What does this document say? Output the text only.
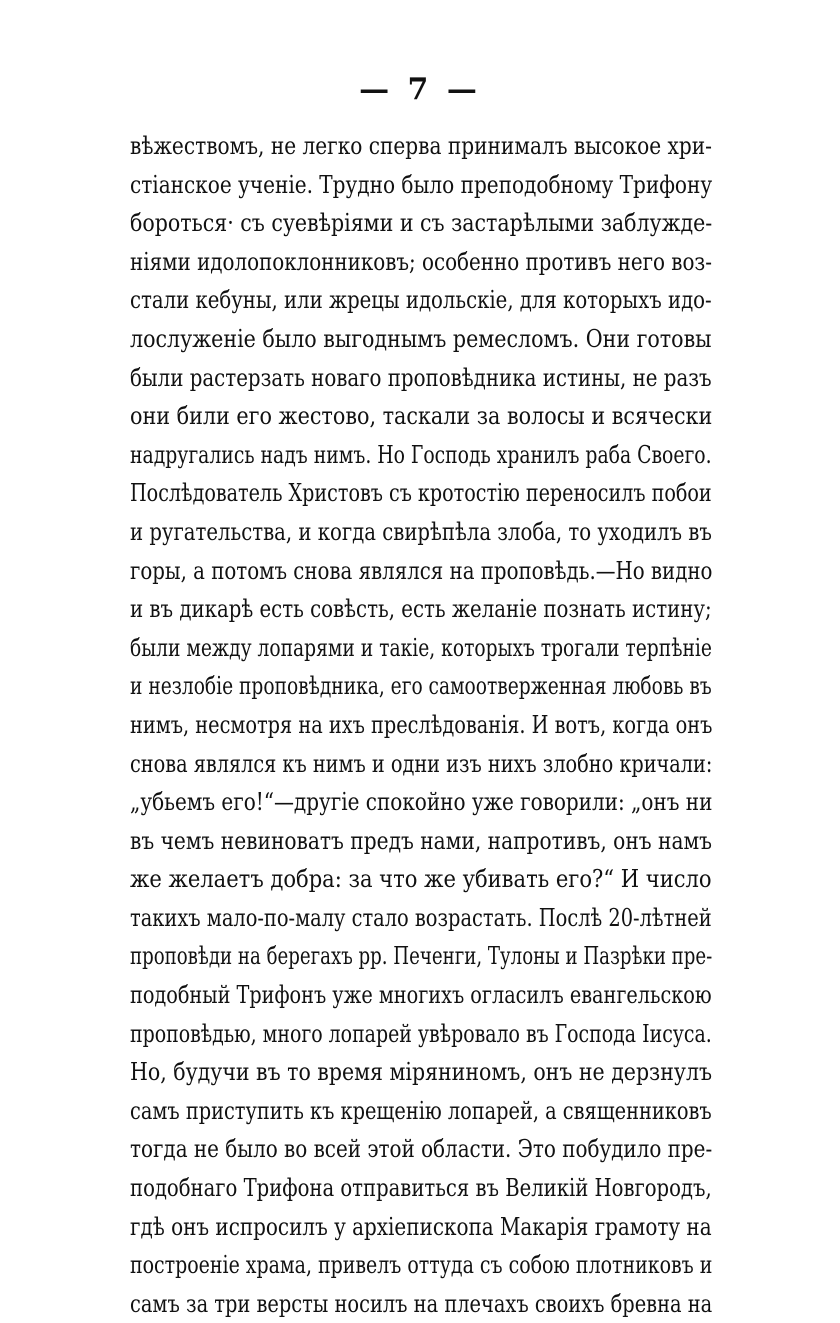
— 7 —
вѣжествомъ, не легко сперва принималъ высокое хри-
стіанское ученіе. Трудно было преподобному Трифону
бороться· съ суевѣріями и съ застарѣлыми заблужде-
ніями идолопоклонниковъ; особенно противъ него воз-
стали кебуны, или жрецы идольскіе, для которыхъ идо-
лослуженіе было выгоднымъ ремесломъ. Они готовы
были растерзать новаго проповѣдника истины, не разъ
они били его жестово, таскали за волосы и всячески
надругались надъ нимъ. Но Господь хранилъ раба Своего.
Послѣдователь Христовъ съ кротостію переносилъ побои
и ругательства, и когда свирѣпѣла злоба, то уходилъ въ
горы, а потомъ снова являлся на проповѣдь.—Но видно
и въ дикарѣ есть совѣсть, есть желаніе познать истину;
были между лопарями и такіе, которыхъ трогали терпѣніе
и незлобіе проповѣдника, его самоотверженная любовь въ
нимъ, несмотря на ихъ преслѣдованія. И вотъ, когда онъ
снова являлся къ нимъ и одни изъ нихъ злобно кричали:
„убьемъ его!“—другіе спокойно уже говорили: „онъ ни
въ чемъ невиноватъ предъ нами, напротивъ, онъ намъ
же желаетъ добра: за что же убивать его?“ И число
такихъ мало-по-малу стало возрастать. Послѣ 20-лѣтней
проповѣди на берегахъ рр. Печенги, Тулоны и Пазрѣки пре-
подобный Трифонъ уже многихъ огласилъ евангельскою
проповѣдью, много лопарей увѣровало въ Господа Іисуса.
Но, будучи въ то время міряниномъ, онъ не дерзнулъ
самъ приступить къ крещенію лопарей, а священниковъ
тогда не было во всей этой области. Это побудило пре-
подобнаго Трифона отправиться въ Великій Новгородъ,
гдѣ онъ испросилъ у архіепископа Макарія грамоту на
построеніе храма, привелъ оттуда съ собою плотниковъ и
самъ за три версты носилъ на плечахъ своихъ бревна на
